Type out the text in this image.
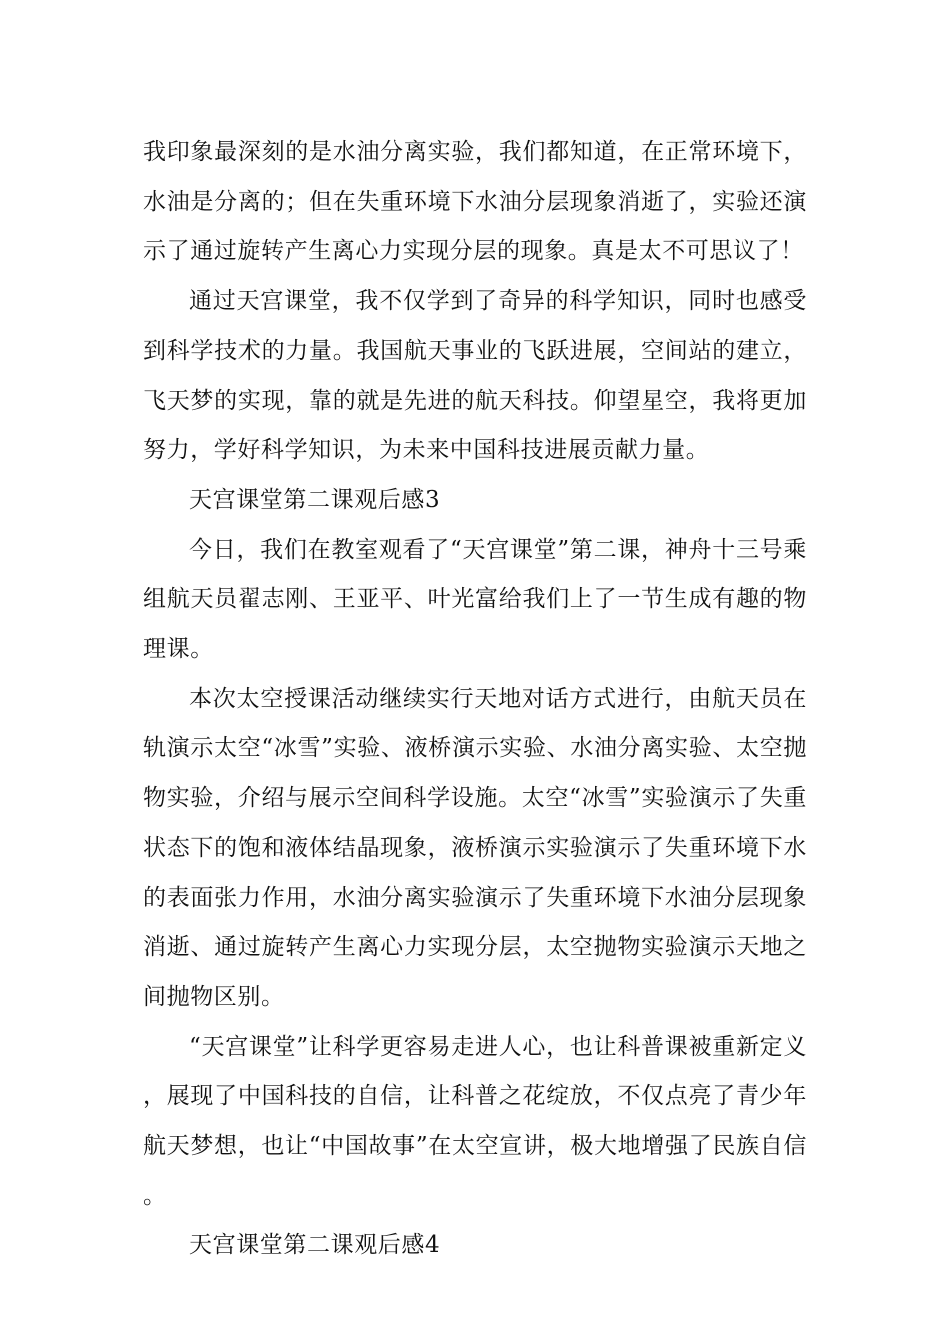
我印象最深刻的是水油分离实验，我们都知道，在正常环境下，水油是分离的；但在失重环境下水油分层现象消逝了，实验还演示了通过旋转产生离心力实现分层的现象。真是太不可思议了！

通过天宫课堂，我不仅学到了奇异的科学知识，同时也感受到科学技术的力量。我国航天事业的飞跃进展，空间站的建立，飞天梦的实现，靠的就是先进的航天科技。仰望星空，我将更加努力，学好科学知识，为未来中国科技进展贡献力量。

天宫课堂第二课观后感3

今日，我们在教室观看了“天宫课堂”第二课，神舟十三号乘组航天员翟志刚、王亚平、叶光富给我们上了一节生成有趣的物理课。

本次太空授课活动继续实行天地对话方式进行，由航天员在轨演示太空“冰雪”实验、液桥演示实验、水油分离实验、太空抛物实验，介绍与展示空间科学设施。太空“冰雪”实验演示了失重状态下的饱和液体结晶现象，液桥演示实验演示了失重环境下水的表面张力作用，水油分离实验演示了失重环境下水油分层现象消逝、通过旋转产生离心力实现分层，太空抛物实验演示天地之间抛物区别。

“天宫课堂”让科学更容易走进人心，也让科普课被重新定义，展现了中国科技的自信，让科普之花绽放，不仅点亮了青少年航天梦想，也让“中国故事”在太空宣讲，极大地增强了民族自信。

天宫课堂第二课观后感4
